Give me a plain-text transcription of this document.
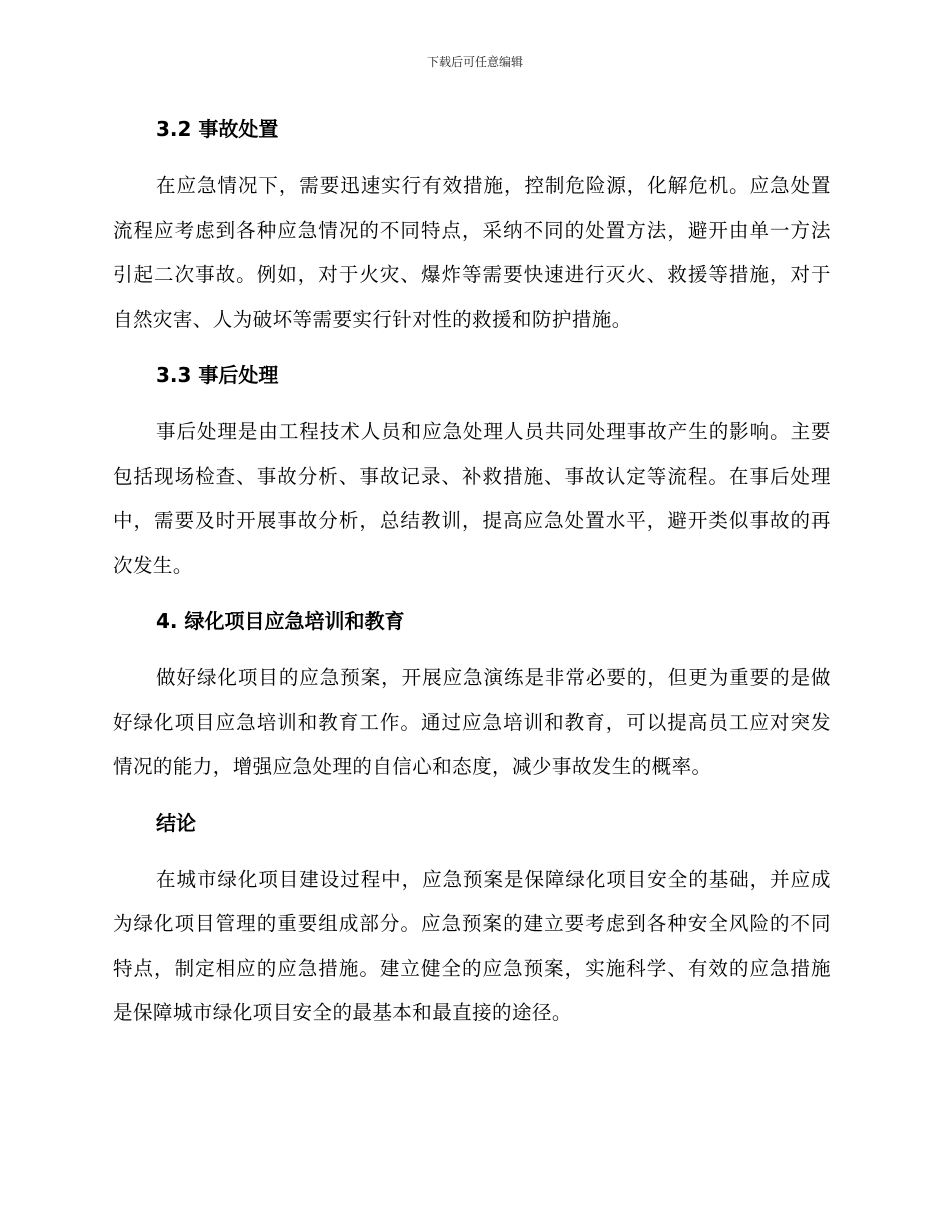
下载后可任意编辑
3.2 事故处置

在应急情况下，需要迅速实行有效措施，控制危险源，化解危机。应急处置流程应考虑到各种应急情况的不同特点，采纳不同的处置方法，避开由单一方法引起二次事故。例如，对于火灾、爆炸等需要快速进行灭火、救援等措施，对于自然灾害、人为破坏等需要实行针对性的救援和防护措施。

3.3 事后处理

事后处理是由工程技术人员和应急处理人员共同处理事故产生的影响。主要包括现场检查、事故分析、事故记录、补救措施、事故认定等流程。在事后处理中，需要及时开展事故分析，总结教训，提高应急处置水平，避开类似事故的再次发生。

4. 绿化项目应急培训和教育

做好绿化项目的应急预案，开展应急演练是非常必要的，但更为重要的是做好绿化项目应急培训和教育工作。通过应急培训和教育，可以提高员工应对突发情况的能力，增强应急处理的自信心和态度，减少事故发生的概率。

结论

在城市绿化项目建设过程中，应急预案是保障绿化项目安全的基础，并应成为绿化项目管理的重要组成部分。应急预案的建立要考虑到各种安全风险的不同特点，制定相应的应急措施。建立健全的应急预案，实施科学、有效的应急措施是保障城市绿化项目安全的最基本和最直接的途径。
